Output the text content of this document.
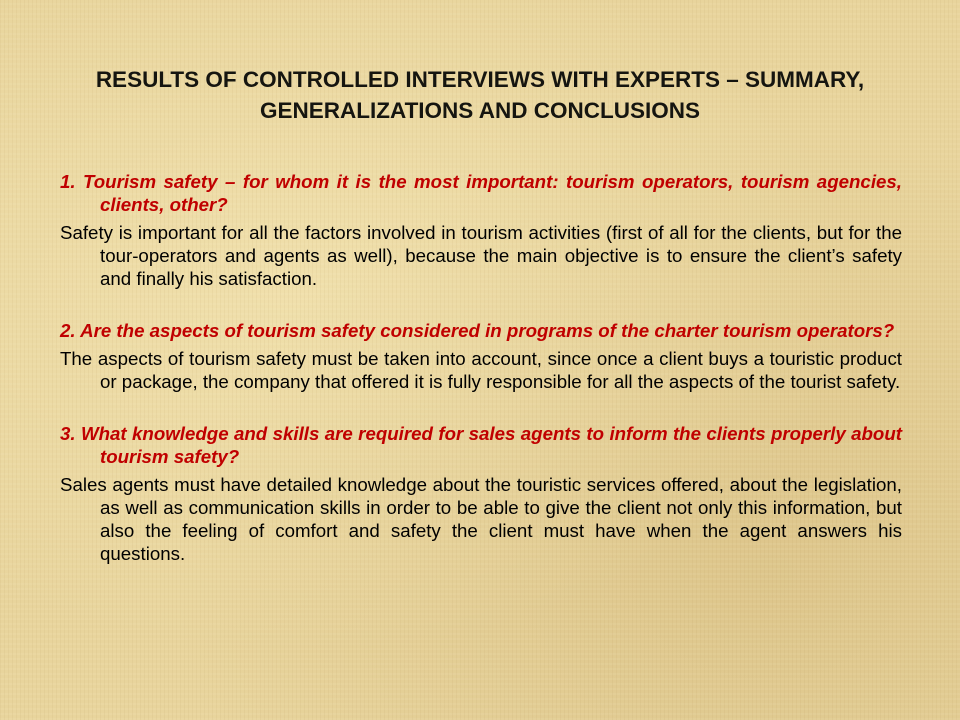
RESULTS OF CONTROLLED INTERVIEWS WITH EXPERTS – SUMMARY, GENERALIZATIONS AND CONCLUSIONS

1. Tourism safety – for whom it is the most important: tourism operators, tourism agencies, clients, other?

Safety is important for all the factors involved in tourism activities (first of all for the clients, but for the tour-operators and agents as well), because the main objective is to ensure the client’s safety and finally his satisfaction.

2. Are the aspects of tourism safety considered in programs of the charter tourism operators?

The aspects of tourism safety must be taken into account, since once a client buys a touristic product or package, the company that offered it is fully responsible for all the aspects of the tourist safety.

3. What knowledge and skills are required for sales agents to inform the clients properly about tourism safety?

Sales agents must have detailed knowledge about the touristic services offered, about the legislation, as well as communication skills in order to be able to give the client not only this information, but also the feeling of comfort and safety the client must have when the agent answers his questions.
